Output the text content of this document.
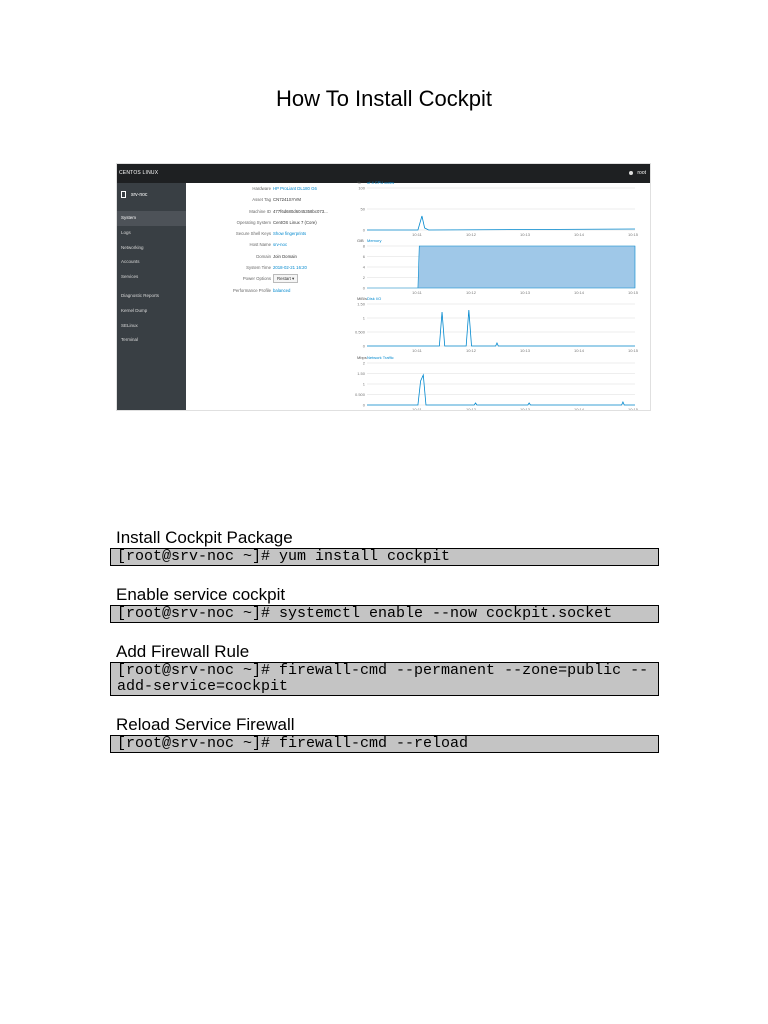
How To Install Cockpit
CENTOS LINUX	root
srv-noc
System
Logs
Networking
Accounts
Services
Diagnostic Reports
Kernel Dump
SELinux
Terminal
Hardware HP ProLiant DL180 G6
Asset Tag CN7241SYVM
Machine ID 477f6d680d6045358bc073...
Operating System CentOS Linux 7 (Core)
Secure Shell Keys Show fingerprints
Host Name srv-noc
Domain Join Domain
System Time 2018-02-21 16:20
Power Options	Restart ▾
Performance Profile balanced
% of 4 CPU cores
100
50
0
10:11	10:12	10:13	10:14	10:15
GiB Memory
8
6
4
2
0
10:11	10:12	10:13	10:14	10:15
MiB/s Disk I/O
1.50
1
0.500
0
10:11	10:12	10:13	10:14	10:15
Mbps Network Traffic
2
1.50
1
0.500
0
10:11	10:12	10:13	10:14	10:15
Install Cockpit Package
[root@srv-noc ~]# yum install cockpit
Enable service cockpit
[root@srv-noc ~]# systemctl enable --now cockpit.socket
Add Firewall Rule
[root@srv-noc ~]# firewall-cmd --permanent --zone=public --add-service=cockpit
Reload Service Firewall
[root@srv-noc ~]# firewall-cmd --reload
